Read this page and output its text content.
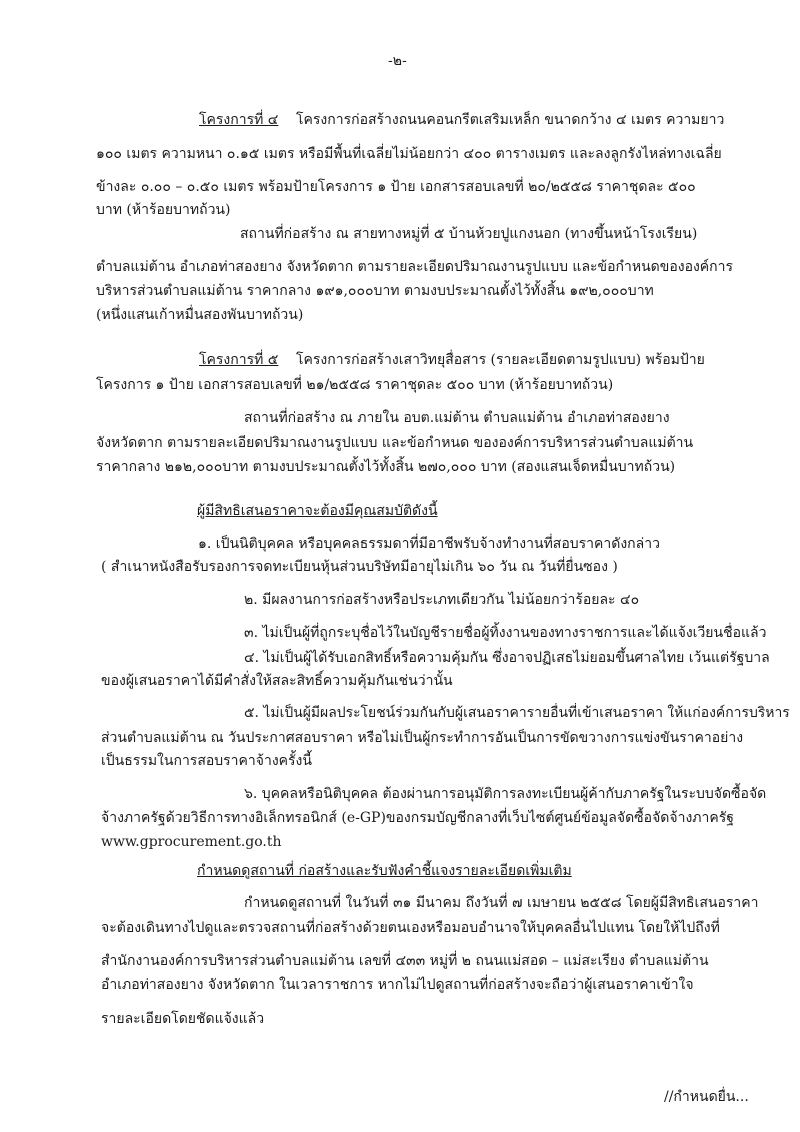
-๒-
โครงการที่ ๔ โครงการก่อสร้างถนนคอนกรีตเสริมเหล็ก ขนาดกว้าง ๔ เมตร ความยาว
๑๐๐ เมตร ความหนา ๐.๑๕ เมตร หรือมีพื้นที่เฉลี่ยไม่น้อยกว่า ๔๐๐ ตารางเมตร และลงลูกรังไหล่ทางเฉลี่ย
ข้างละ ๐.๐๐ – ๐.๕๐ เมตร พร้อมป้ายโครงการ ๑ ป้าย เอกสารสอบเลขที่ ๒๐/๒๕๕๘ ราคาชุดละ ๕๐๐
บาท (ห้าร้อยบาทถ้วน)
สถานที่ก่อสร้าง ณ สายทางหมู่ที่ ๕ บ้านห้วยปูแกงนอก (ทางขึ้นหน้าโรงเรียน)
ตำบลแม่ต้าน อำเภอท่าสองยาง จังหวัดตาก ตามรายละเอียดปริมาณงานรูปแบบ และข้อกำหนดขององค์การ
บริหารส่วนตำบลแม่ต้าน ราคากลาง ๑๙๑,๐๐๐บาท ตามงบประมาณตั้งไว้ทั้งสิ้น ๑๙๒,๐๐๐บาท
(หนึ่งแสนเก้าหมื่นสองพันบาทถ้วน)
โครงการที่ ๕ โครงการก่อสร้างเสาวิทยุสื่อสาร (รายละเอียดตามรูปแบบ) พร้อมป้าย
โครงการ ๑ ป้าย เอกสารสอบเลขที่ ๒๑/๒๕๕๘ ราคาชุดละ ๕๐๐ บาท (ห้าร้อยบาทถ้วน)
สถานที่ก่อสร้าง ณ ภายใน อบต.แม่ต้าน ตำบลแม่ต้าน อำเภอท่าสองยาง
จังหวัดตาก ตามรายละเอียดปริมาณงานรูปแบบ และข้อกำหนด ขององค์การบริหารส่วนตำบลแม่ต้าน
ราคากลาง ๒๑๒,๐๐๐บาท ตามงบประมาณตั้งไว้ทั้งสิ้น ๒๗๐,๐๐๐ บาท (สองแสนเจ็ดหมื่นบาทถ้วน)
ผู้มีสิทธิเสนอราคาจะต้องมีคุณสมบัติดังนี้
๑. เป็นนิติบุคคล หรือบุคคลธรรมดาที่มีอาชีพรับจ้างทำงานที่สอบราคาดังกล่าว
( สำเนาหนังสือรับรองการจดทะเบียนหุ้นส่วนบริษัทมีอายุไม่เกิน ๖๐ วัน ณ วันที่ยื่นซอง )
๒. มีผลงานการก่อสร้างหรือประเภทเดียวกัน ไม่น้อยกว่าร้อยละ ๔๐
๓. ไม่เป็นผู้ที่ถูกระบุชื่อไว้ในบัญชีรายชื่อผู้ทิ้งงานของทางราชการและได้แจ้งเวียนชื่อแล้ว
๔. ไม่เป็นผู้ได้รับเอกสิทธิ์หรือความคุ้มกัน ซึ่งอาจปฏิเสธไม่ยอมขึ้นศาลไทย เว้นแต่รัฐบาล
ของผู้เสนอราคาได้มีคำสั่งให้สละสิทธิ์ความคุ้มกันเช่นว่านั้น
๕. ไม่เป็นผู้มีผลประโยชน์ร่วมกันกับผู้เสนอราคารายอื่นที่เข้าเสนอราคา ให้แก่องค์การบริหาร
ส่วนตำบลแม่ต้าน ณ วันประกาศสอบราคา หรือไม่เป็นผู้กระทำการอันเป็นการขัดขวางการแข่งขันราคาอย่าง
เป็นธรรมในการสอบราคาจ้างครั้งนี้
๖. บุคคลหรือนิติบุคคล ต้องผ่านการอนุมัติการลงทะเบียนผู้ค้ากับภาครัฐในระบบจัดซื้อจัด
จ้างภาครัฐด้วยวิธีการทางอิเล็กทรอนิกส์ (e-GP)ของกรมบัญชีกลางที่เว็บไซต์ศูนย์ข้อมูลจัดซื้อจัดจ้างภาครัฐ
www.gprocurement.go.th
กำหนดดูสถานที่ ก่อสร้างและรับฟังคำชี้แจงรายละเอียดเพิ่มเติม
กำหนดดูสถานที่ ในวันที่ ๓๑ มีนาคม ถึงวันที่ ๗ เมษายน ๒๕๕๘ โดยผู้มีสิทธิเสนอราคา
จะต้องเดินทางไปดูและตรวจสถานที่ก่อสร้างด้วยตนเองหรือมอบอำนาจให้บุคคลอื่นไปแทน โดยให้ไปถึงที่
สำนักงานองค์การบริหารส่วนตำบลแม่ต้าน เลขที่ ๔๓๓ หมู่ที่ ๒ ถนนแม่สอด – แม่สะเรียง ตำบลแม่ต้าน
อำเภอท่าสองยาง จังหวัดตาก ในเวลาราชการ หากไม่ไปดูสถานที่ก่อสร้างจะถือว่าผู้เสนอราคาเข้าใจ
รายละเอียดโดยชัดแจ้งแล้ว
//กำหนดยื่น...
